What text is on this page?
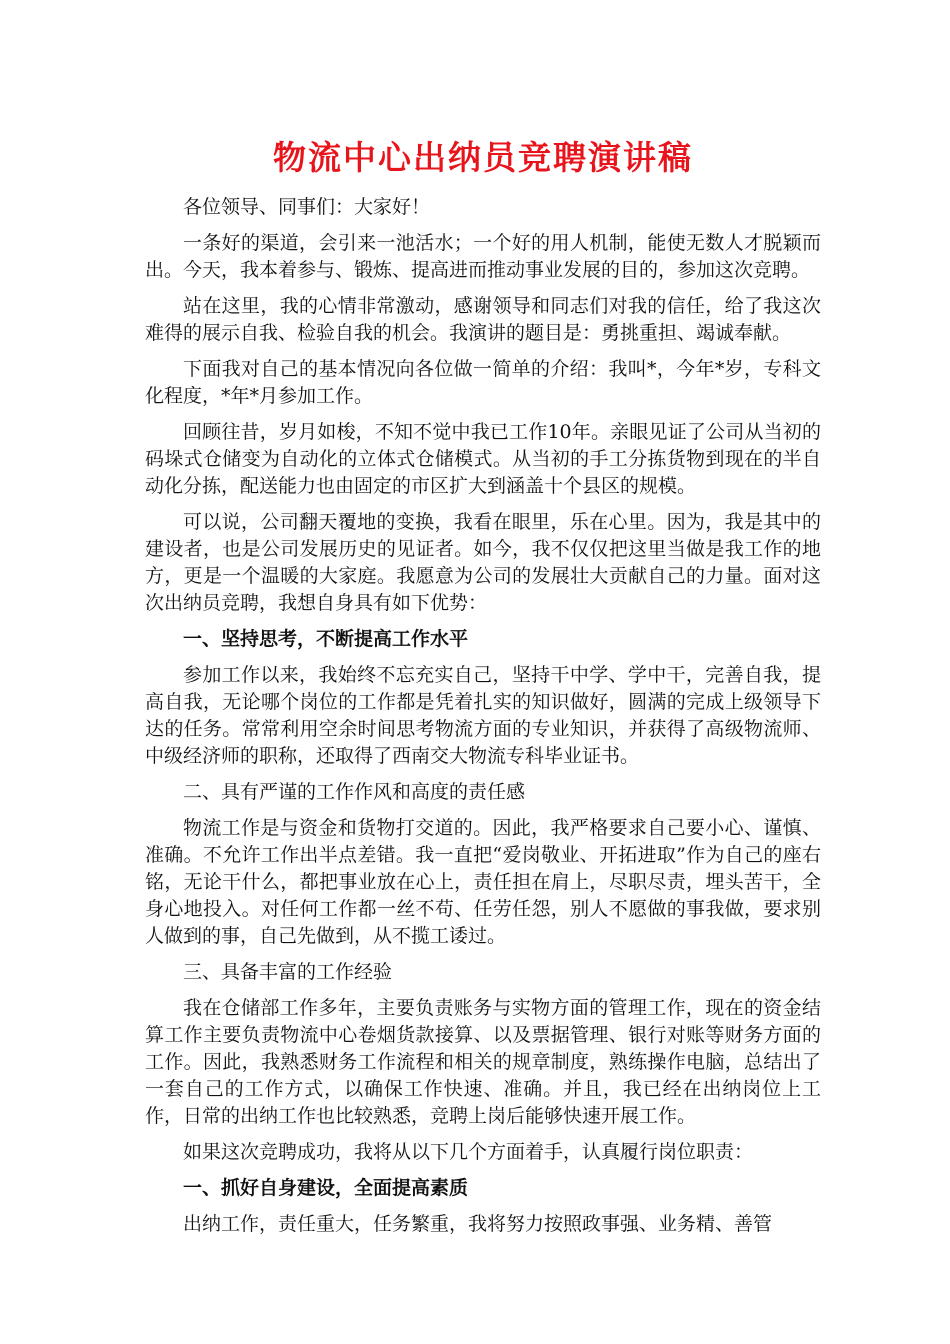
物流中心出纳员竞聘演讲稿

各位领导、同事们：大家好！

一条好的渠道，会引来一池活水；一个好的用人机制，能使无数人才脱颖而出。今天，我本着参与、锻炼、提高进而推动事业发展的目的，参加这次竞聘。

站在这里，我的心情非常激动，感谢领导和同志们对我的信任，给了我这次难得的展示自我、检验自我的机会。我演讲的题目是：勇挑重担、竭诚奉献。

下面我对自己的基本情况向各位做一简单的介绍：我叫*，今年*岁，专科文化程度，*年*月参加工作。

回顾往昔，岁月如梭，不知不觉中我已工作10年。亲眼见证了公司从当初的码垛式仓储变为自动化的立体式仓储模式。从当初的手工分拣货物到现在的半自动化分拣，配送能力也由固定的市区扩大到涵盖十个县区的规模。

可以说，公司翻天覆地的变换，我看在眼里，乐在心里。因为，我是其中的建设者，也是公司发展历史的见证者。如今，我不仅仅把这里当做是我工作的地方，更是一个温暖的大家庭。我愿意为公司的发展壮大贡献自己的力量。面对这次出纳员竞聘，我想自身具有如下优势：

一、坚持思考，不断提高工作水平

参加工作以来，我始终不忘充实自己，坚持干中学、学中干，完善自我，提高自我，无论哪个岗位的工作都是凭着扎实的知识做好，圆满的完成上级领导下达的任务。常常利用空余时间思考物流方面的专业知识，并获得了高级物流师、中级经济师的职称，还取得了西南交大物流专科毕业证书。

二、具有严谨的工作作风和高度的责任感

物流工作是与资金和货物打交道的。因此，我严格要求自己要小心、谨慎、准确。不允许工作出半点差错。我一直把“爱岗敬业、开拓进取”作为自己的座右铭，无论干什么，都把事业放在心上，责任担在肩上，尽职尽责，埋头苦干，全身心地投入。对任何工作都一丝不苟、任劳任怨，别人不愿做的事我做，要求别人做到的事，自己先做到，从不揽工诿过。

三、具备丰富的工作经验

我在仓储部工作多年，主要负责账务与实物方面的管理工作，现在的资金结算工作主要负责物流中心卷烟货款接算、以及票据管理、银行对账等财务方面的工作。因此，我熟悉财务工作流程和相关的规章制度，熟练操作电脑，总结出了一套自己的工作方式，以确保工作快速、准确。并且，我已经在出纳岗位上工作，日常的出纳工作也比较熟悉，竞聘上岗后能够快速开展工作。

如果这次竞聘成功，我将从以下几个方面着手，认真履行岗位职责：

一、抓好自身建设，全面提高素质

出纳工作，责任重大，任务繁重，我将努力按照政事强、业务精、善管
